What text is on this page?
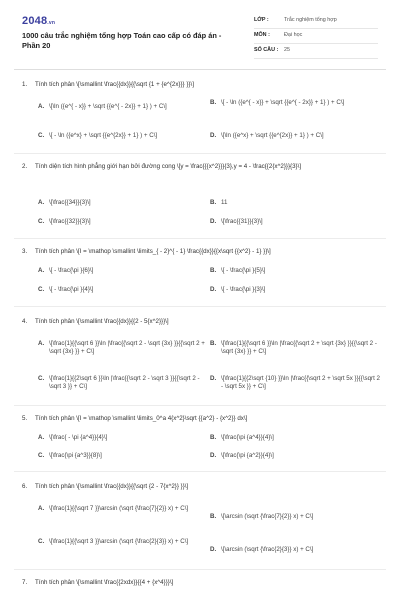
2048.vn
1000 câu trắc nghiệm tổng hợp Toán cao cấp có đáp án - Phần 20
LỚP :	Trắc nghiệm tổng hợp
MÔN :	Đại học
SỐ CÂU :	25
1. Tính tích phân \[\smallint \frac{{dx}}{{\sqrt {1 + {e^{2x}}} }}\]
A. \[\ln ({e^{ - x}} + \sqrt {{e^{ - 2x}} + 1} ) + C\]
B. \[ - \ln ({e^{ - x}} + \sqrt {{e^{ - 2x}} + 1} ) + C\]
C. \[ - \ln ({e^x} + \sqrt {{e^{2x}} + 1} ) + C\]	D. \[\ln ({e^x} + \sqrt {{e^{2x}} + 1} ) + C\]
2. Tính diện tích hình phẳng giới hạn bởi đường cong \[y = \frac{{{x^2}}}{3},y = 4 - \frac{{2{x^2}}}{3}\]
A. \[\frac{{34}}{3}\]	B. 11
C. \[\frac{{32}}{3}\]	D. \[\frac{{31}}{3}\]
3. Tính tích phân \[I = \mathop \smallint \limits_{ - 2}^{ - 1} \frac{{dx}}{{x\sqrt {{x^2} - 1} }}\]
A. \[ - \frac{\pi }{6}\]	B. \[ - \frac{\pi }{5}\]
C. \[ - \frac{\pi }{4}\]	D. \[ - \frac{\pi }{3}\]
4. Tính tích phân \[\smallint \frac{{dx}}{{2 - 5{x^2}}}\]
A. \[\frac{1}{{\sqrt 6 }}\ln |\frac{{\sqrt 2 - \sqrt {3x} }}{{\sqrt 2 + \sqrt {3x} }} + C\]
B. \[\frac{1}{{\sqrt 6 }}\ln |\frac{{\sqrt 2 + \sqrt {3x} }}{{\sqrt 2 - \sqrt {3x} }} + C\]
C. \[\frac{1}{{2\sqrt 6 }}\ln |\frac{{\sqrt 2 - \sqrt 3 }}{{\sqrt 2 - \sqrt 3 }} + C\]
D. \[\frac{1}{{2\sqrt {10} }}\ln |\frac{{\sqrt 2 + \sqrt 5x }}{{\sqrt 2 - \sqrt 5x }} + C\]
5. Tính tích phân \[I = \mathop \smallint \limits_0^a 4{x^2}\sqrt {{a^2} - {x^2}} dx\]
A. \[\frac{ - \pi {a^4}}{4}\]	B. \[\frac{\pi {a^4}}{4}\]
C. \[\frac{\pi {a^3}}{8}\]	D. \[\frac{\pi {a^2}}{4}\]
6. Tính tích phân \[\smallint \frac{{dx}}{{\sqrt {2 - 7{x^2}} }}\]
A. \[\frac{1}{{\sqrt 7 }}\arcsin (\sqrt {\frac{7}{2}} x) + C\]
B. \[\arcsin (\sqrt {\frac{7}{2}} x) + C\]
C. \[\frac{1}{{\sqrt 3 }}\arcsin (\sqrt {\frac{2}{3}} x) + C\]
D. \[\arcsin (\sqrt {\frac{2}{3}} x) + C\]
7. Tính tích phân \[\smallint \frac{{2xdx}}{{4 + {x^4}}}\]
